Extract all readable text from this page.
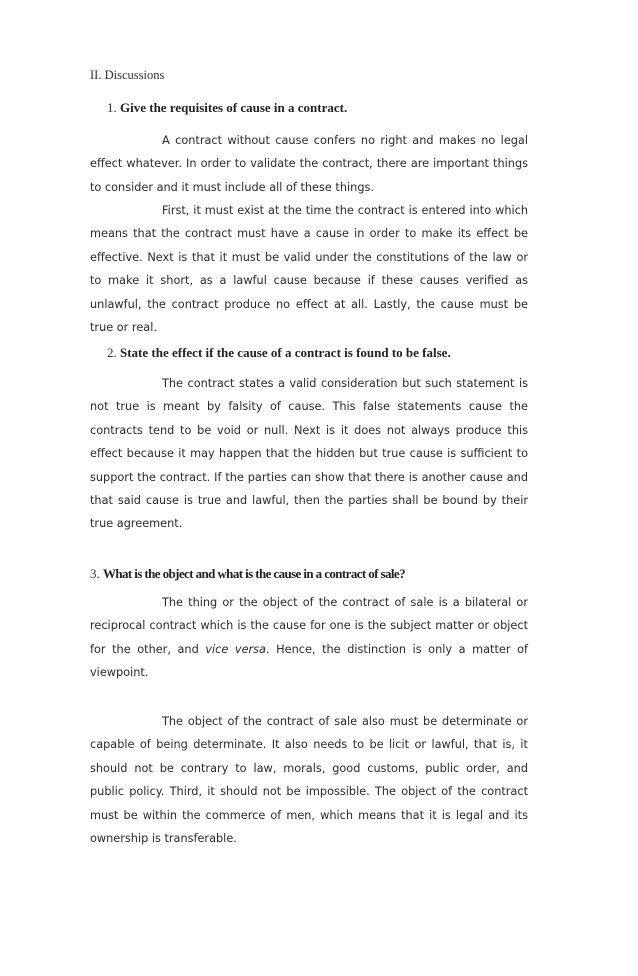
II. Discussions
1. Give the requisites of cause in a contract.

A contract without cause confers no right and makes no legal effect whatever. In order to validate the contract, there are important things to consider and it must include all of these things.

First, it must exist at the time the contract is entered into which means that the contract must have a cause in order to make its effect be effective. Next is that it must be valid under the constitutions of the law or to make it short, as a lawful cause because if these causes verified as unlawful, the contract produce no effect at all. Lastly, the cause must be true or real.

2. State the effect if the cause of a contract is found to be false.

The contract states a valid consideration but such statement is not true is meant by falsity of cause. This false statements cause the contracts tend to be void or null. Next is it does not always produce this effect because it may happen that the hidden but true cause is sufficient to support the contract. If the parties can show that there is another cause and that said cause is true and lawful, then the parties shall be bound by their true agreement.

3. What is the object and what is the cause in a contract of sale?

The thing or the object of the contract of sale is a bilateral or reciprocal contract which is the cause for one is the subject matter or object for the other, and vice versa. Hence, the distinction is only a matter of viewpoint.

The object of the contract of sale also must be determinate or capable of being determinate. It also needs to be licit or lawful, that is, it should not be contrary to law, morals, good customs, public order, and public policy. Third, it should not be impossible. The object of the contract must be within the commerce of men, which means that it is legal and its ownership is transferable.
